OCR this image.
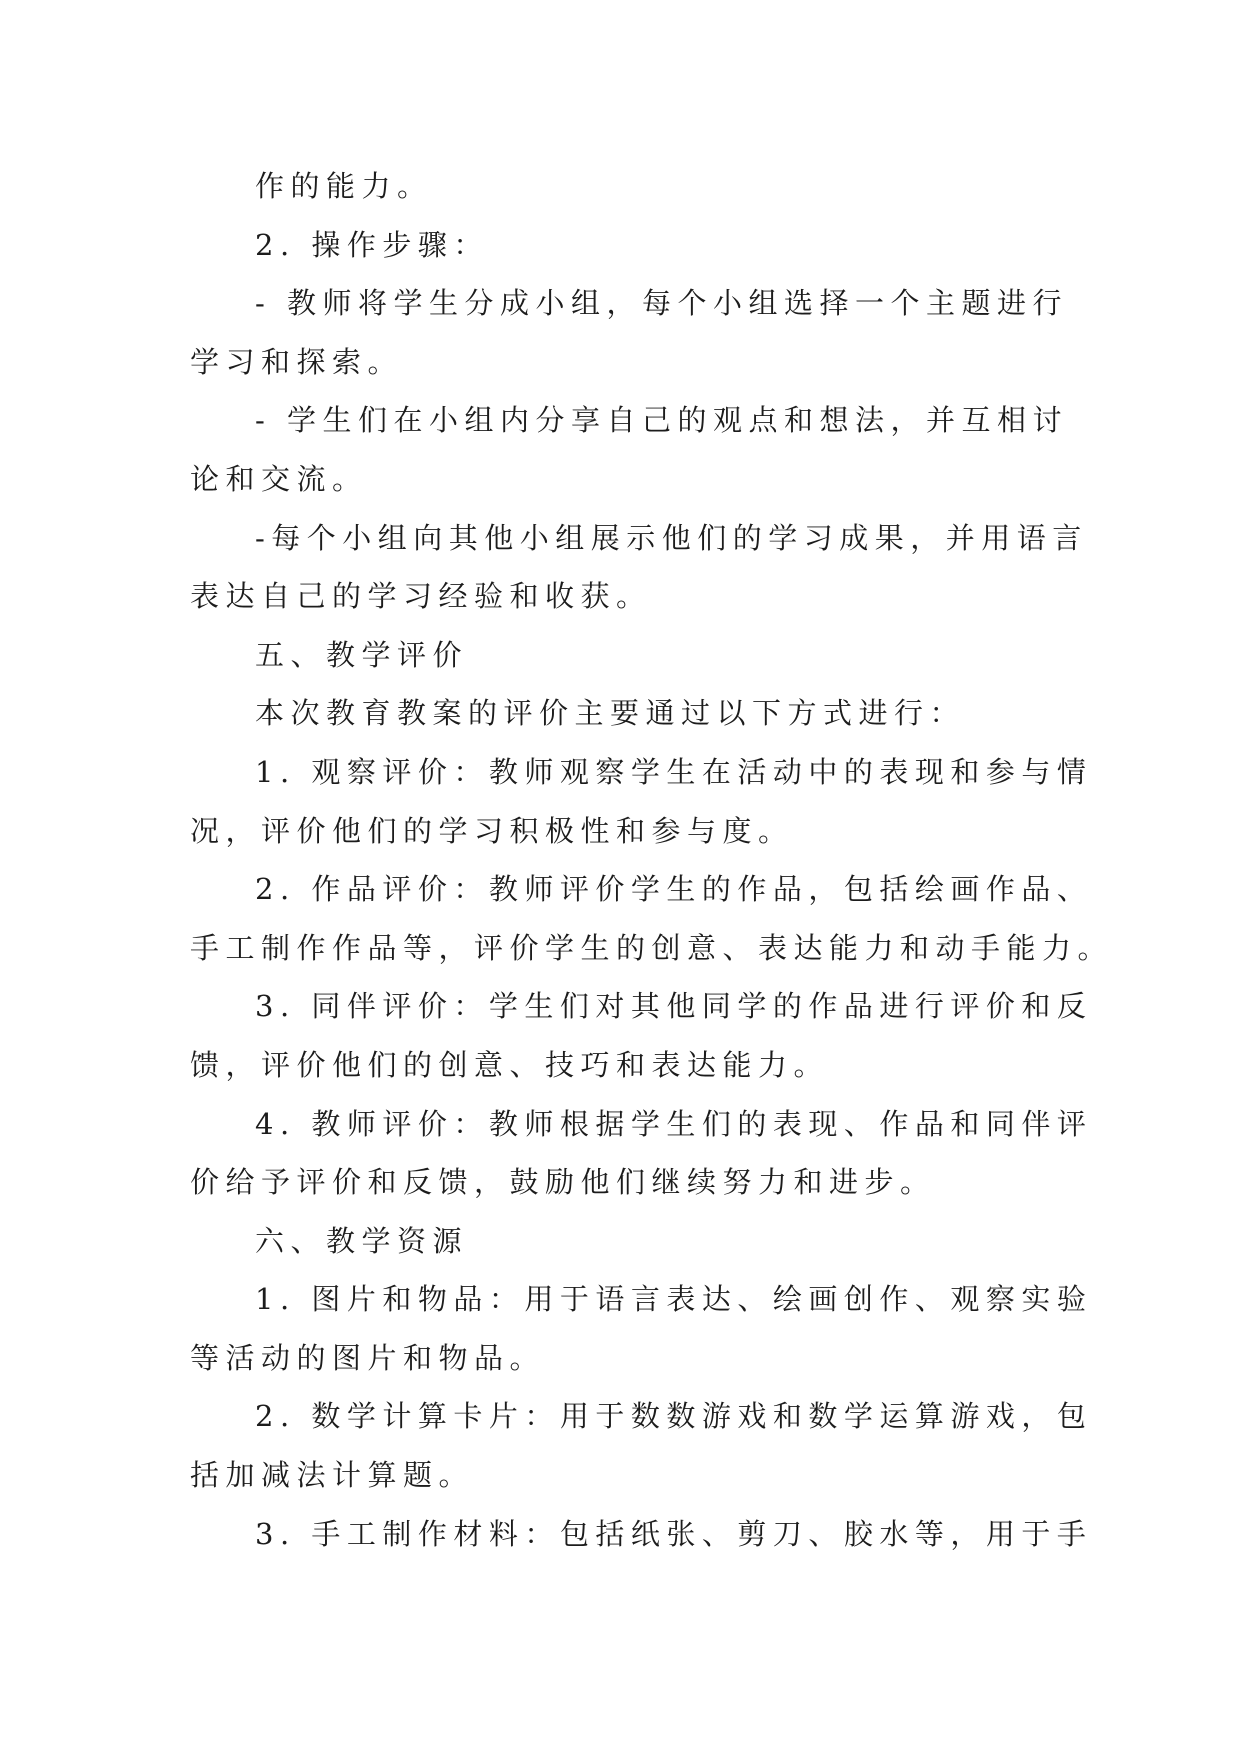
作的能力。
2. 操作步骤：
- 教师将学生分成小组，每个小组选择一个主题进行
学习和探索。
- 学生们在小组内分享自己的观点和想法，并互相讨
论和交流。
-每个小组向其他小组展示他们的学习成果，并用语言
表达自己的学习经验和收获。
五、教学评价
本次教育教案的评价主要通过以下方式进行：
1. 观察评价：教师观察学生在活动中的表现和参与情
况，评价他们的学习积极性和参与度。
2. 作品评价：教师评价学生的作品，包括绘画作品、
手工制作作品等，评价学生的创意、表达能力和动手能力。
3. 同伴评价：学生们对其他同学的作品进行评价和反
馈，评价他们的创意、技巧和表达能力。
4. 教师评价：教师根据学生们的表现、作品和同伴评
价给予评价和反馈，鼓励他们继续努力和进步。
六、教学资源
1. 图片和物品：用于语言表达、绘画创作、观察实验
等活动的图片和物品。
2. 数学计算卡片：用于数数游戏和数学运算游戏，包
括加减法计算题。
3. 手工制作材料：包括纸张、剪刀、胶水等，用于手
